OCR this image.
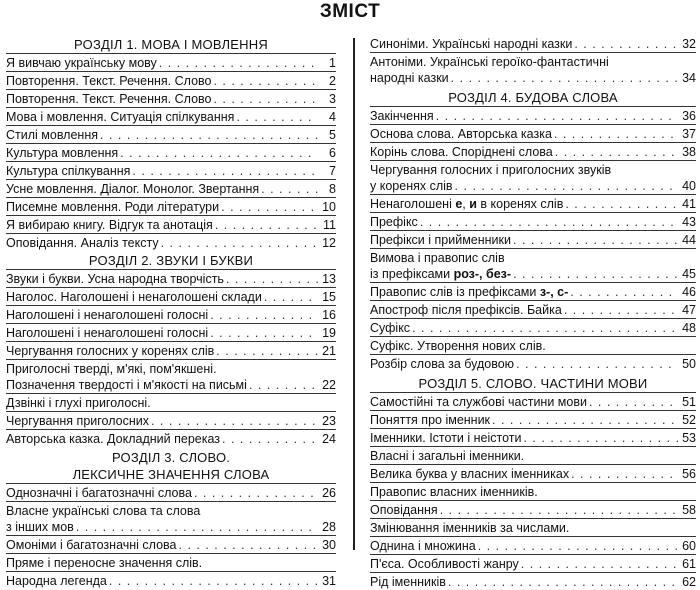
ЗМІСТ
РОЗДІЛ 1. МОВА І МОВЛЕННЯ
Я вивчаю українську мову . . .	1
Повторення. Текст. Речення. Слово . . .	2
Повторення. Текст. Речення. Слово . . .	3
Мова і мовлення. Ситуація спілкування . . .	4
Стилі мовлення . . .	5
Культура мовлення . . .	6
Культура спілкування . . .	7
Усне мовлення. Діалог. Монолог. Звертання . . .	8
Писемне мовлення. Роди літератури . . .	10
Я вибираю книгу. Відгук та анотація . . .	11
Оповідання. Аналіз тексту . . .	12
РОЗДІЛ 2. ЗВУКИ І БУКВИ
Звуки і букви. Усна народна творчість . . .	13
Наголос. Наголошені і ненаголошені склади . . .	15
Наголошені і ненаголошені голосні . . .	16
Наголошені і ненаголошені голосні . . .	19
Чергування голосних у коренях слів . . .	21
Приголосні тверді, м'які, пом'якшені.
Позначення твердості і м'якості на письмі . . .	22
Дзвінкі і глухі приголосні.
Чергування приголосних . . .	23
Авторська казка. Докладний переказ . . .	24
РОЗДІЛ 3. СЛОВО.
ЛЕКСИЧНЕ ЗНАЧЕННЯ СЛОВА
Однозначні і багатозначні слова . . .	26
Власне українські слова та слова
з інших мов . . .	28
Омоніми і багатозначні слова . . .	30
Пряме і переносне значення слів.
Народна легенда . . .	31
Синоніми. Українські народні казки . . .	32
Антоніми. Українські героїко-фантастичні
народні казки . . .	34
РОЗДІЛ 4. БУДОВА СЛОВА
Закінчення . . .	36
Основа слова. Авторська казка . . .	37
Корінь слова. Споріднені слова . . .	38
Чергування голосних і приголосних звуків
у коренях слів . . .	40
Ненаголошені е, и в коренях слів . . .	41
Префікс . . .	43
Префікси і прийменники . . .	44
Вимова і правопис слів
із префіксами роз-, без- . . .	45
Правопис слів із префіксами з-, с- . . .	46
Апостроф після префіксів. Байка . . .	47
Суфікс . . .	48
Суфікс. Утворення нових слів.
Розбір слова за будовою . . .	50
РОЗДІЛ 5. СЛОВО. ЧАСТИНИ МОВИ
Самостійні та службові частини мови . . .	51
Поняття про іменник . . .	52
Іменники. Істоти і неістоти . . .	53
Власні і загальні іменники.
Велика буква у власних іменниках . . .	56
Правопис власних іменників.
Оповідання . . .	58
Змінювання іменників за числами.
Однина і множина . . .	60
П'єса. Особливості жанру . . .	61
Рід іменників . . .	62
